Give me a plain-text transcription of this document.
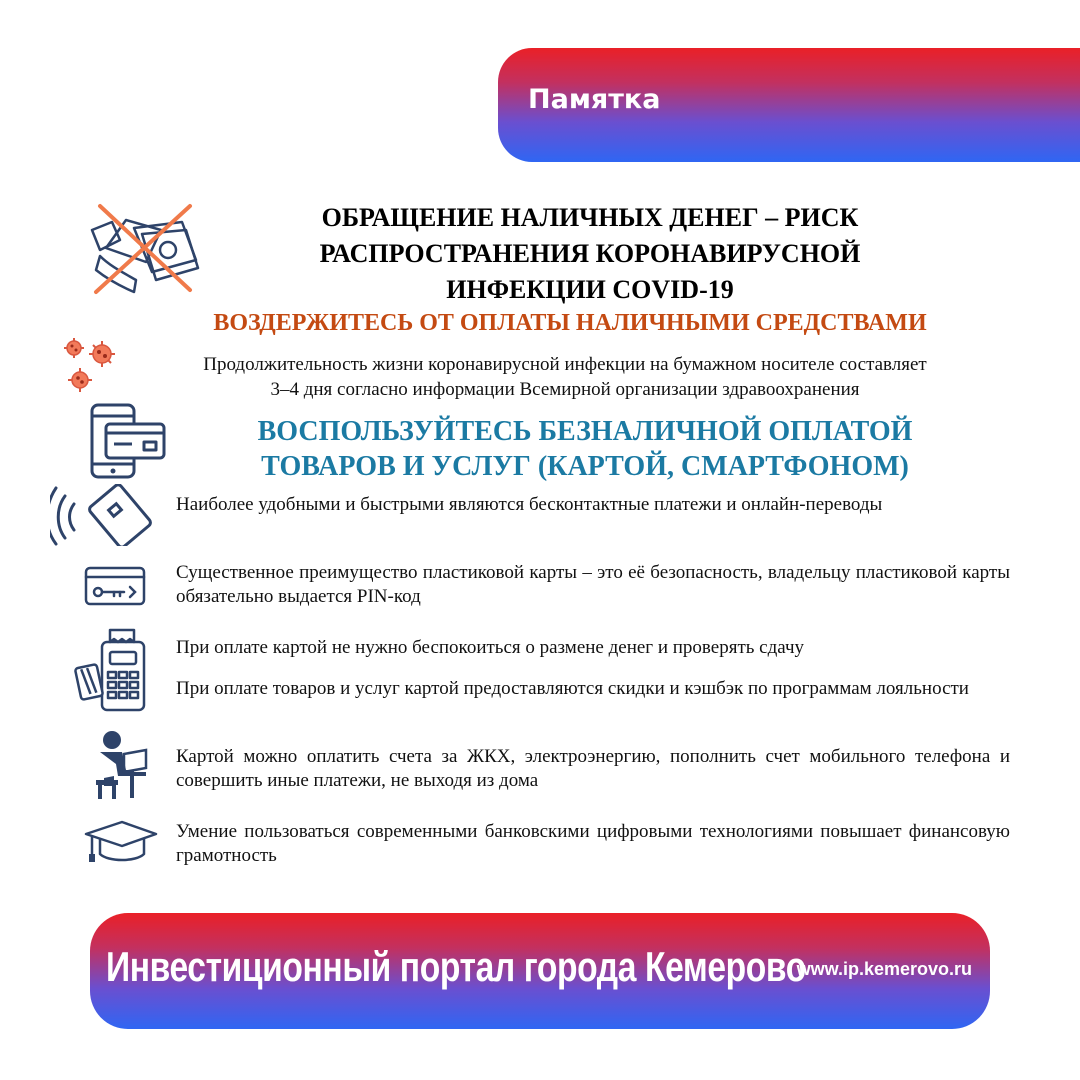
Памятка
ОБРАЩЕНИЕ НАЛИЧНЫХ ДЕНЕГ – РИСК
РАСПРОСТРАНЕНИЯ КОРОНАВИРУСНОЙ
ИНФЕКЦИИ COVID-19
ВОЗДЕРЖИТЕСЬ ОТ ОПЛАТЫ НАЛИЧНЫМИ СРЕДСТВАМИ
Продолжительность жизни коронавирусной инфекции на бумажном носителе составляет
3–4 дня согласно информации Всемирной организации здравоохранения
ВОСПОЛЬЗУЙТЕСЬ БЕЗНАЛИЧНОЙ ОПЛАТОЙ
ТОВАРОВ И УСЛУГ (КАРТОЙ, СМАРТФОНОМ)
Наиболее удобными и быстрыми являются бесконтактные платежи и онлайн-переводы
Существенное преимущество пластиковой карты – это её безопасность, владельцу пластиковой карты обязательно выдается PIN-код
При оплате картой не нужно беспокоиться о размене денег и проверять сдачу
При оплате товаров и услуг картой предоставляются скидки и кэшбэк по программам лояльности
Картой можно оплатить счета за ЖКХ, электроэнергию, пополнить счет мобильного телефона и совершить иные платежи, не выходя из дома
Умение пользоваться современными банковскими цифровыми технологиями повышает финансовую грамотность
Инвестиционный портал города Кемерово
www.ip.kemerovo.ru
